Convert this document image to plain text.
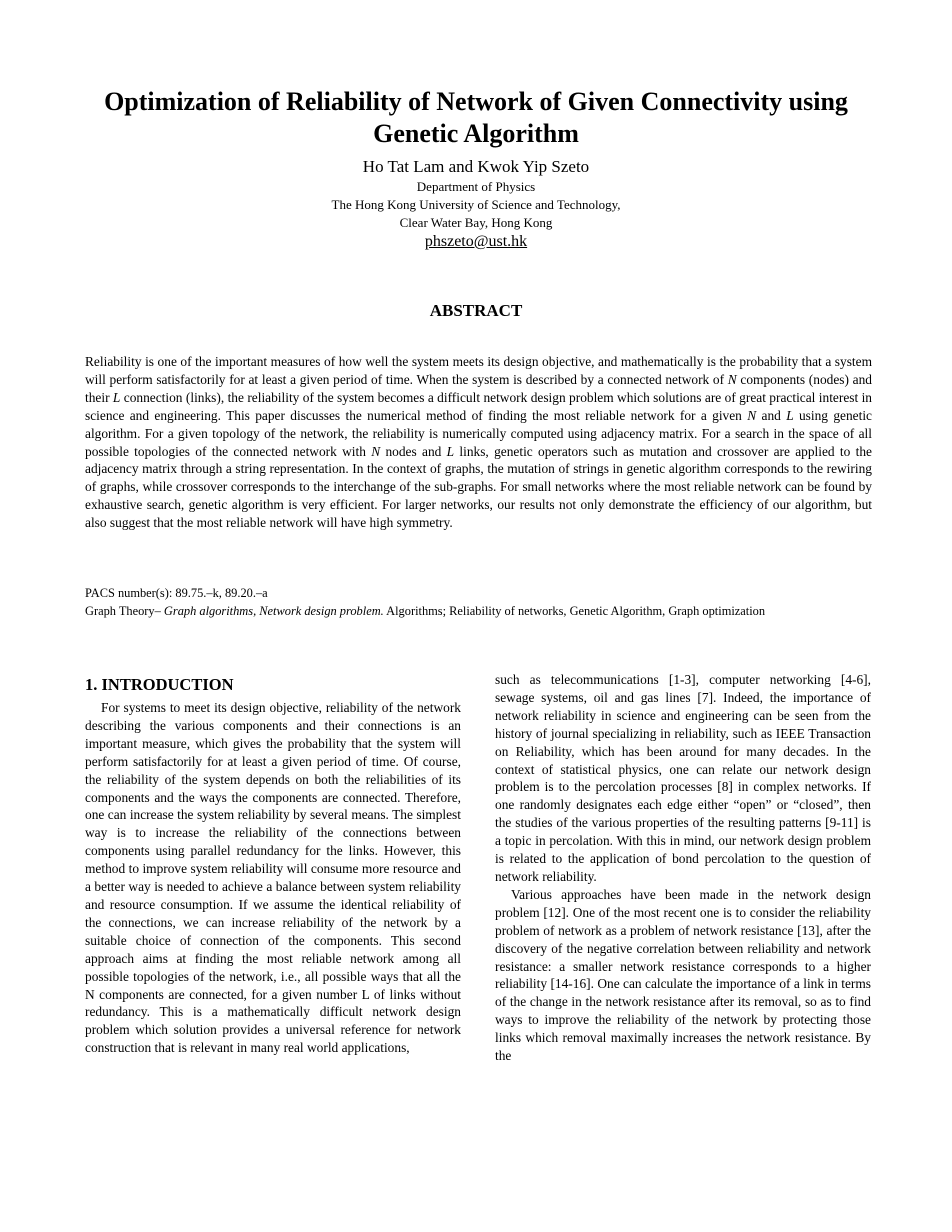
Optimization of Reliability of Network of Given Connectivity using Genetic Algorithm
Ho Tat Lam and Kwok Yip Szeto
Department of Physics
The Hong Kong University of Science and Technology,
Clear Water Bay, Hong Kong
phszeto@ust.hk
ABSTRACT

Reliability is one of the important measures of how well the system meets its design objective, and mathematically is the probability that a system will perform satisfactorily for at least a given period of time. When the system is described by a connected network of N components (nodes) and their L connection (links), the reliability of the system becomes a difficult network design problem which solutions are of great practical interest in science and engineering. This paper discusses the numerical method of finding the most reliable network for a given N and L using genetic algorithm. For a given topology of the network, the reliability is numerically computed using adjacency matrix. For a search in the space of all possible topologies of the connected network with N nodes and L links, genetic operators such as mutation and crossover are applied to the adjacency matrix through a string representation. In the context of graphs, the mutation of strings in genetic algorithm corresponds to the rewiring of graphs, while crossover corresponds to the interchange of the sub-graphs. For small networks where the most reliable network can be found by exhaustive search, genetic algorithm is very efficient. For larger networks, our results not only demonstrate the efficiency of our algorithm, but also suggest that the most reliable network will have high symmetry.

PACS number(s): 89.75.–k, 89.20.–a
Graph Theory– Graph algorithms, Network design problem. Algorithms; Reliability of networks, Genetic Algorithm, Graph optimization
1. INTRODUCTION

For systems to meet its design objective, reliability of the network describing the various components and their connections is an important measure, which gives the probability that the system will perform satisfactorily for at least a given period of time. Of course, the reliability of the system depends on both the reliabilities of its components and the ways the components are connected. Therefore, one can increase the system reliability by several means. The simplest way is to increase the reliability of the connections between components using parallel redundancy for the links. However, this method to improve system reliability will consume more resource and a better way is needed to achieve a balance between system reliability and resource consumption. If we assume the identical reliability of the connections, we can increase reliability of the network by a suitable choice of connection of the components. This second approach aims at finding the most reliable network among all possible topologies of the network, i.e., all possible ways that all the N components are connected, for a given number L of links without redundancy. This is a mathematically difficult network design problem which solution provides a universal reference for network construction that is relevant in many real world applications,

such as telecommunications [1-3], computer networking [4-6], sewage systems, oil and gas lines [7]. Indeed, the importance of network reliability in science and engineering can be seen from the history of journal specializing in reliability, such as IEEE Transaction on Reliability, which has been around for many decades. In the context of statistical physics, one can relate our network design problem is to the percolation processes [8] in complex networks. If one randomly designates each edge either “open” or “closed”, then the studies of the various properties of the resulting patterns [9-11] is a topic in percolation. With this in mind, our network design problem is related to the application of bond percolation to the question of network reliability.

Various approaches have been made in the network design problem [12]. One of the most recent one is to consider the reliability problem of network as a problem of network resistance [13], after the discovery of the negative correlation between reliability and network resistance: a smaller network resistance corresponds to a higher reliability [14-16]. One can calculate the importance of a link in terms of the change in the network resistance after its removal, so as to find ways to improve the reliability of the network by protecting those links which removal maximally increases the network resistance. By the
